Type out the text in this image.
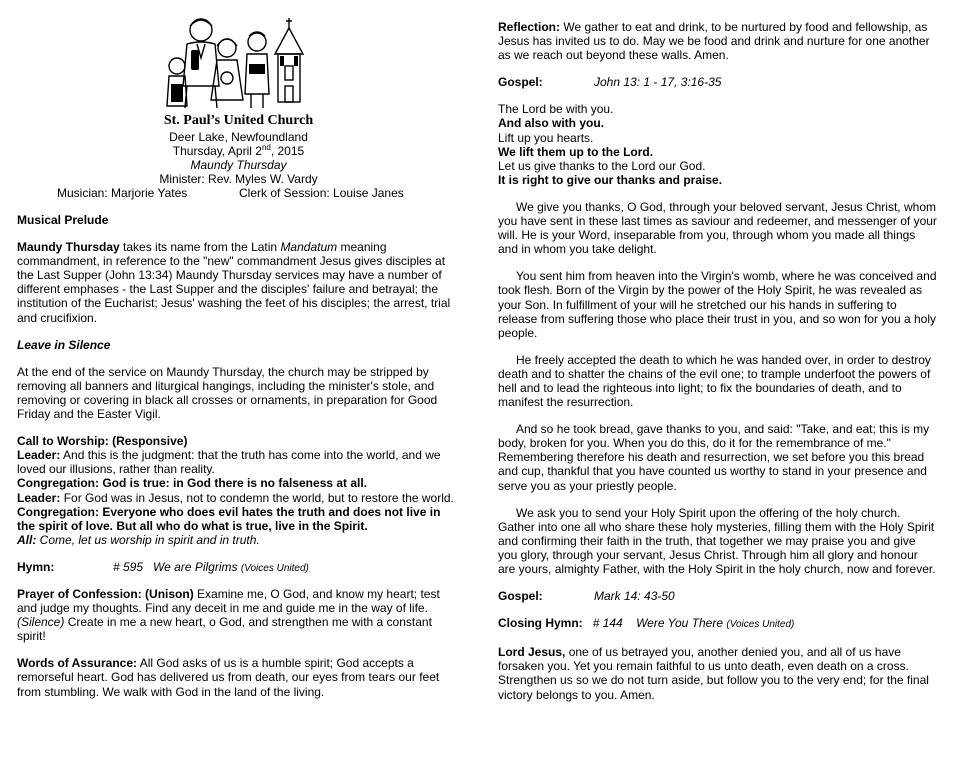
St. Paul’s United Church
Deer Lake, Newfoundland
Thursday, April 2nd, 2015
Maundy Thursday
Minister: Rev. Myles W. Vardy
Musician: Marjorie Yates	Clerk of Session: Louise Janes

Musical Prelude

Maundy Thursday takes its name from the Latin Mandatum meaning commandment, in reference to the "new" commandment Jesus gives disciples at the Last Supper (John 13:34) Maundy Thursday services may have a number of different emphases - the Last Supper and the disciples' failure and betrayal; the institution of the Eucharist; Jesus' washing the feet of his disciples; the arrest, trial and crucifixion.

Leave in Silence

At the end of the service on Maundy Thursday, the church may be stripped by removing all banners and liturgical hangings, including the minister's stole, and removing or covering in black all crosses or ornaments, in preparation for Good Friday and the Easter Vigil.

Call to Worship: (Responsive)

Leader: And this is the judgment: that the truth has come into the world, and we loved our illusions, rather than reality.

Congregation: God is true: in God there is no falseness at all.

Leader: For God was in Jesus, not to condemn the world, but to restore the world.

Congregation: Everyone who does evil hates the truth and does not live in the spirit of love. But all who do what is true, live in the Spirit.

All: Come, let us worship in spirit and in truth.

Hymn:	# 595 We are Pilgrims (Voices United)

Prayer of Confession: (Unison) Examine me, O God, and know my heart; test and judge my thoughts. Find any deceit in me and guide me in the way of life. (Silence) Create in me a new heart, o God, and strengthen me with a constant spirit!

Words of Assurance: All God asks of us is a humble spirit; God accepts a remorseful heart. God has delivered us from death, our eyes from tears our feet from stumbling. We walk with God in the land of the living.

Reflection: We gather to eat and drink, to be nurtured by food and fellowship, as Jesus has invited us to do. May we be food and drink and nurture for one another as we reach out beyond these walls. Amen.

Gospel:	John 13: 1 - 17, 3:16-35

The Lord be with you.

And also with you.

Lift up you hearts.

We lift them up to the Lord.

Let us give thanks to the Lord our God.

It is right to give our thanks and praise.

We give you thanks, O God, through your beloved servant, Jesus Christ, whom you have sent in these last times as saviour and redeemer, and messenger of your will. He is your Word, inseparable from you, through whom you made all things and in whom you take delight.

You sent him from heaven into the Virgin's womb, where he was conceived and took flesh. Born of the Virgin by the power of the Holy Spirit, he was revealed as your Son. In fulfillment of your will he stretched our his hands in suffering to release from suffering those who place their trust in you, and so won for you a holy people.

He freely accepted the death to which he was handed over, in order to destroy death and to shatter the chains of the evil one; to trample underfoot the powers of hell and to lead the righteous into light; to fix the boundaries of death, and to manifest the resurrection.

And so he took bread, gave thanks to you, and said: "Take, and eat; this is my body, broken for you. When you do this, do it for the remembrance of me." Remembering therefore his death and resurrection, we set before you this bread and cup, thankful that you have counted us worthy to stand in your presence and serve you as your priestly people.

We ask you to send your Holy Spirit upon the offering of the holy church. Gather into one all who share these holy mysteries, filling them with the Holy Spirit and confirming their faith in the truth, that together we may praise you and give you glory, through your servant, Jesus Christ. Through him all glory and honour are yours, almighty Father, with the Holy Spirit in the holy church, now and forever.

Gospel:	Mark 14: 43-50

Closing Hymn: # 144 Were You There (Voices United)

Lord Jesus, one of us betrayed you, another denied you, and all of us have forsaken you. Yet you remain faithful to us unto death, even death on a cross. Strengthen us so we do not turn aside, but follow you to the very end; for the final victory belongs to you. Amen.
